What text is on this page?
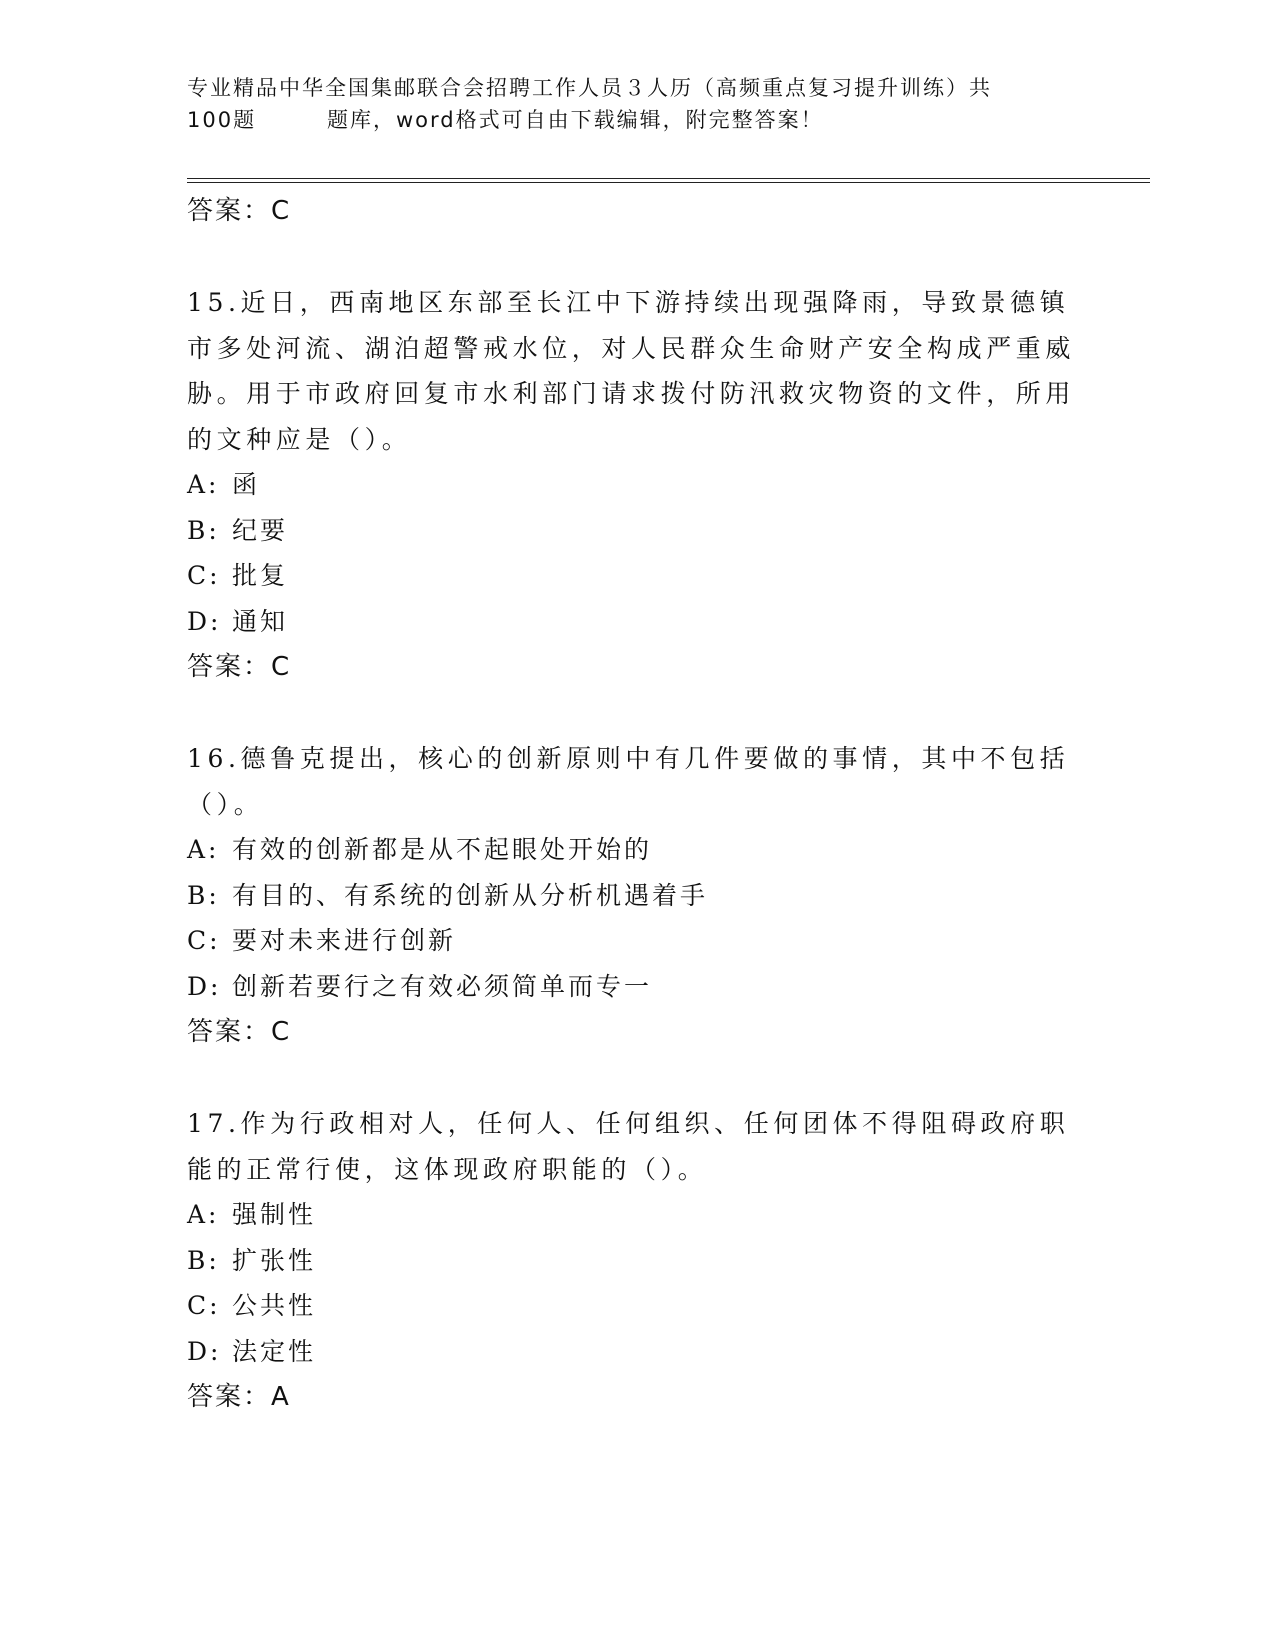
专业精品中华全国集邮联合会招聘工作人员３人历（高频重点复习提升训练）共
100题	题库，word格式可自由下载编辑，附完整答案！
答案：C

15.近日，西南地区东部至长江中下游持续出现强降雨，导致景德镇市多处河流、湖泊超警戒水位，对人民群众生命财产安全构成严重威胁。用于市政府回复市水利部门请求拨付防汛救灾物资的文件，所用的文种应是（）。

A: 函
B: 纪要
C: 批复
D: 通知
答案：C

16.德鲁克提出，核心的创新原则中有几件要做的事情，其中不包括（）。

A: 有效的创新都是从不起眼处开始的
B: 有目的、有系统的创新从分析机遇着手
C: 要对未来进行创新
D: 创新若要行之有效必须简单而专一
答案：C

17.作为行政相对人，任何人、任何组织、任何团体不得阻碍政府职能的正常行使，这体现政府职能的（）。

A: 强制性
B: 扩张性
C: 公共性
D: 法定性
答案：A
